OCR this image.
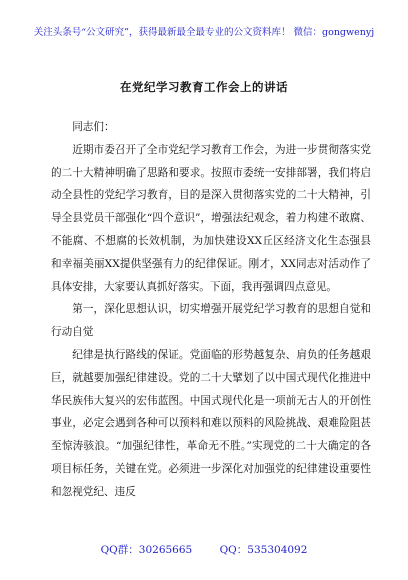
关注头条号“公文研究”，获得最新最全最专业的公文资料库！ 微信：gongwenyj
在党纪学习教育工作会上的讲话

同志们：

近期市委召开了全市党纪学习教育工作会，为进一步贯彻落实党的二十大精神明确了思路和要求。按照市委统一安排部署，我们将启动全县性的党纪学习教育，目的是深入贯彻落实党的二十大精神，引导全县党员干部强化“四个意识”，增强法纪观念，着力构建不敢腐、不能腐、不想腐的长效机制，为加快建设XX丘区经济文化生态强县和幸福美丽XX提供坚强有力的纪律保证。刚才，XX同志对活动作了具体安排，大家要认真抓好落实。下面，我再强调四点意见。

第一，深化思想认识，切实增强开展党纪学习教育的思想自觉和行动自觉

纪律是执行路线的保证。党面临的形势越复杂、肩负的任务越艰巨，就越要加强纪律建设。党的二十大擘划了以中国式现代化推进中华民族伟大复兴的宏伟蓝图。中国式现代化是一项前无古人的开创性事业，必定会遇到各种可以预料和难以预料的风险挑战、艰难险阻甚至惊涛骇浪。“加强纪律性，革命无不胜。”实现党的二十大确定的各项目标任务，关键在党。必须进一步深化对加强党的纪律建设重要性和忽视党纪、违反

QQ群：30265665	QQ：535304092
